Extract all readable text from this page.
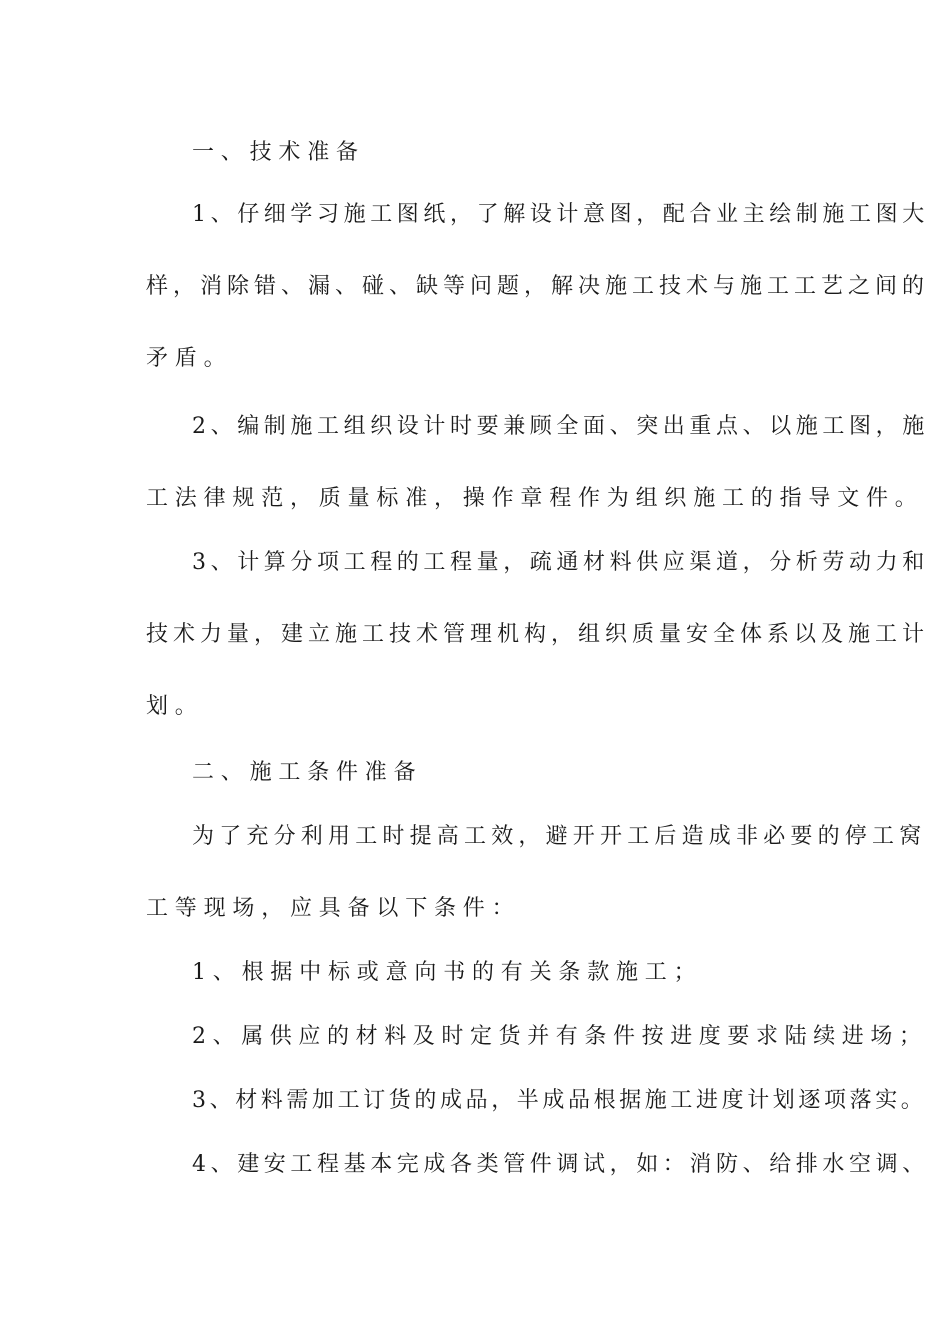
一、技术准备
1、仔细学习施工图纸，了解设计意图，配合业主绘制施工图大
样，消除错、漏、碰、缺等问题，解决施工技术与施工工艺之间的
矛盾。
2、编制施工组织设计时要兼顾全面、突出重点、以施工图，施
工法律规范，质量标准，操作章程作为组织施工的指导文件。
3、计算分项工程的工程量，疏通材料供应渠道，分析劳动力和
技术力量，建立施工技术管理机构，组织质量安全体系以及施工计
划。
二、施工条件准备
为了充分利用工时提高工效，避开开工后造成非必要的停工窝
工等现场，应具备以下条件：
1、根据中标或意向书的有关条款施工；
2、属供应的材料及时定货并有条件按进度要求陆续进场；
3、材料需加工订货的成品，半成品根据施工进度计划逐项落实。
4、建安工程基本完成各类管件调试，如：消防、给排水空调、
